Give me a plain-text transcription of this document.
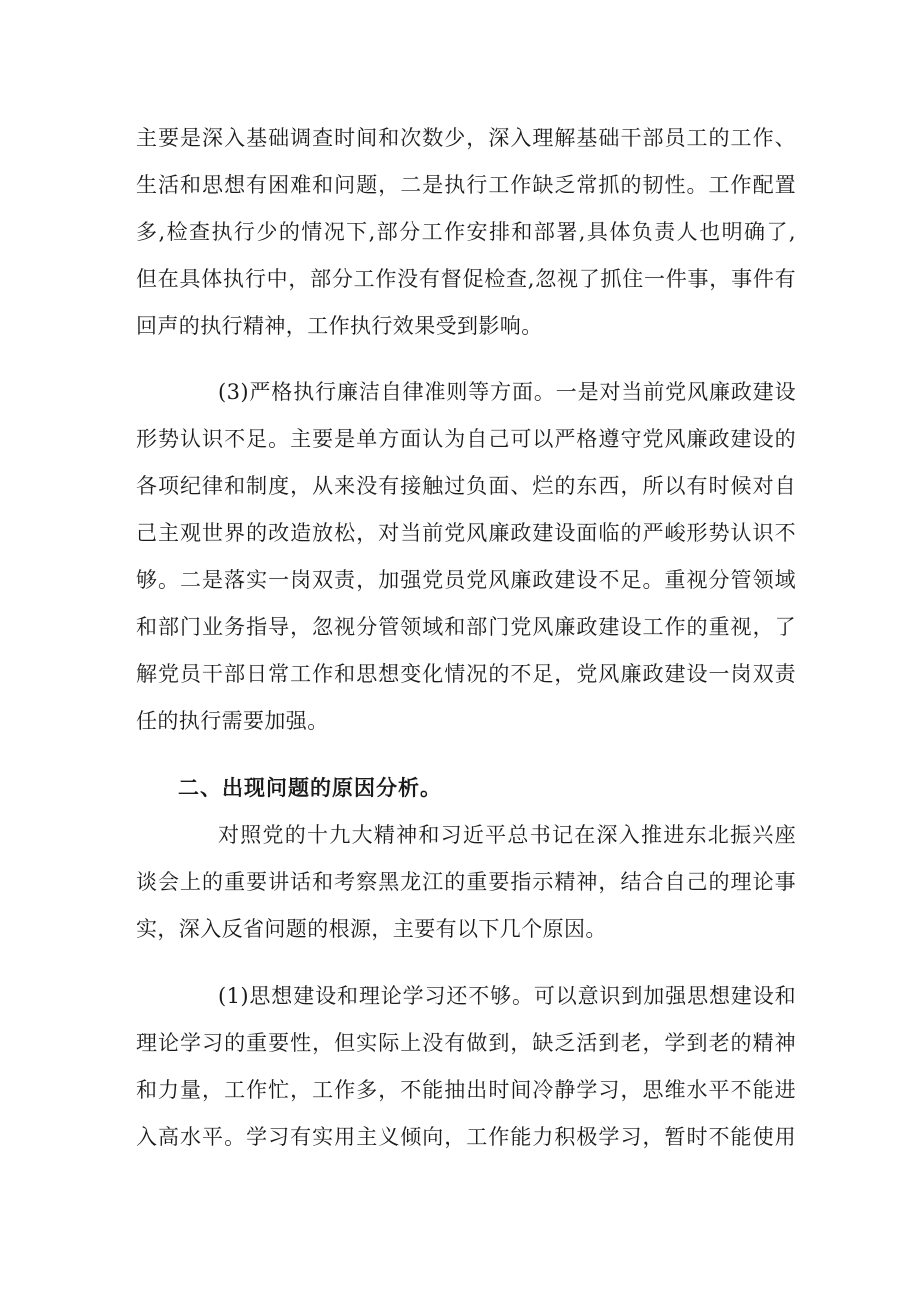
主要是深入基础调查时间和次数少，深入理解基础干部员工的工作、
生活和思想有困难和问题，二是执行工作缺乏常抓的韧性。工作配置
多,检查执行少的情况下,部分工作安排和部署,具体负责人也明确了,
但在具体执行中，部分工作没有督促检查,忽视了抓住一件事，事件有
回声的执行精神，工作执行效果受到影响。
(3)严格执行廉洁自律准则等方面。一是对当前党风廉政建设
形势认识不足。主要是单方面认为自己可以严格遵守党风廉政建设的
各项纪律和制度，从来没有接触过负面、烂的东西，所以有时候对自
己主观世界的改造放松，对当前党风廉政建设面临的严峻形势认识不
够。二是落实一岗双责，加强党员党风廉政建设不足。重视分管领域
和部门业务指导，忽视分管领域和部门党风廉政建设工作的重视，了
解党员干部日常工作和思想变化情况的不足，党风廉政建设一岗双责
任的执行需要加强。
二、出现问题的原因分析。
对照党的十九大精神和习近平总书记在深入推进东北振兴座
谈会上的重要讲话和考察黑龙江的重要指示精神，结合自己的理论事
实，深入反省问题的根源，主要有以下几个原因。
(1)思想建设和理论学习还不够。可以意识到加强思想建设和
理论学习的重要性，但实际上没有做到，缺乏活到老，学到老的精神
和力量，工作忙，工作多，不能抽出时间冷静学习，思维水平不能进
入高水平。学习有实用主义倾向，工作能力积极学习，暂时不能使用
